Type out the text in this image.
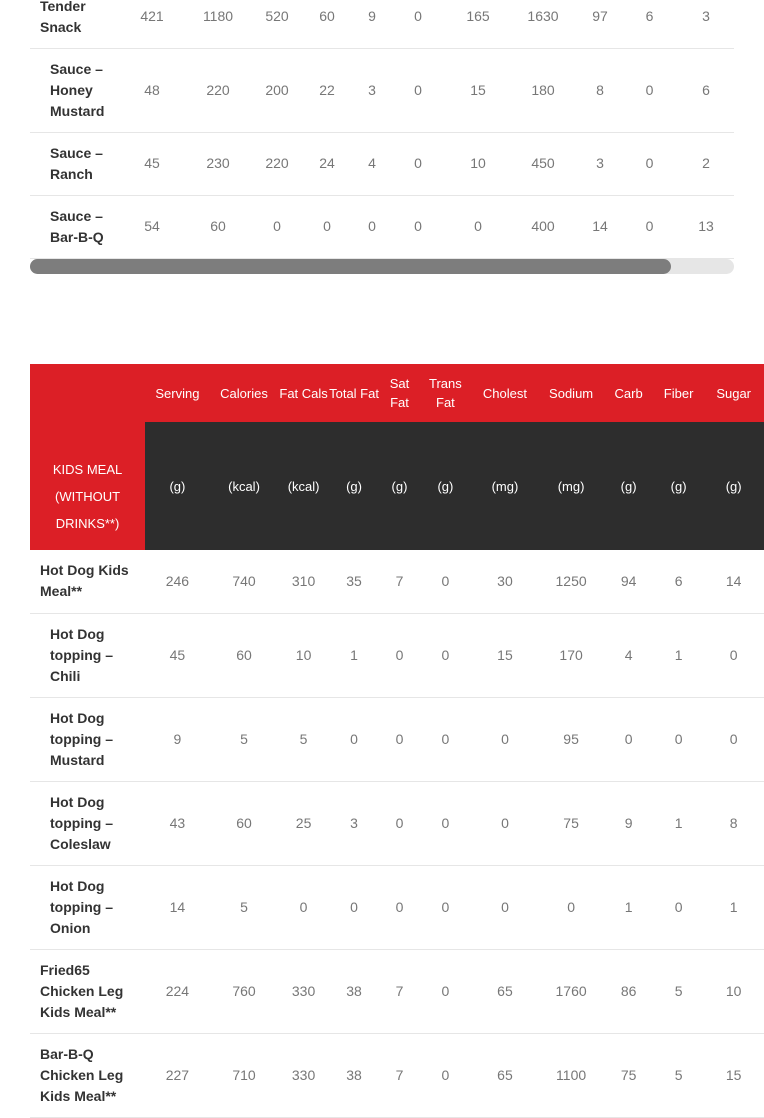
Tender Snack	421	1180	520	60	9	0	165	1630	97	6	3	
Sauce – Honey Mustard	48	220	200	22	3	0	15	180	8	0	6	
Sauce – Ranch	45	230	220	24	4	0	10	450	3	0	2	
Sauce – Bar-B-Q	54	60	0	0	0	0	0	400	14	0	13	
KIDS MEAL (WITHOUT DRINKS**)	Serving	Calories	Fat Cals	Total Fat	Sat Fat	Trans Fat	Cholest	Sodium	Carb	Fiber	Sugar
	(g)	(kcal)	(kcal)	(g)	(g)	(g)	(mg)	(mg)	(g)	(g)	(g)
Hot Dog Kids Meal**	246	740	310	35	7	0	30	1250	94	6	14
Hot Dog topping – Chili	45	60	10	1	0	0	15	170	4	1	0
Hot Dog topping – Mustard	9	5	5	0	0	0	0	95	0	0	0
Hot Dog topping – Coleslaw	43	60	25	3	0	0	0	75	9	1	8
Hot Dog topping – Onion	14	5	0	0	0	0	0	0	1	0	1
Fried65 Chicken Leg Kids Meal**	224	760	330	38	7	0	65	1760	86	5	10
Bar-B-Q Chicken Leg Kids Meal**	227	710	330	38	7	0	65	1100	75	5	15
